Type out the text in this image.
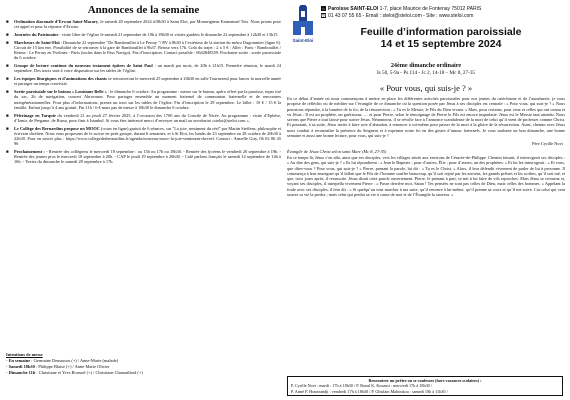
Annonces de la semaine
■ Ordination diaconale d’Erwan Saint-Macary, le samedi 28 septembre 2024 à18h30 à Saint Eloi, par Monseigneur Emmanuel Tois. Nous prions pour cet appel et pour la réponse d’Erwan.
■ Journées du Patrimoine : visite libre de l’église le samedi 21 septembre de 10h à 18h30 et visites guidées le dimanche 22 septembre à 12h30 et 13h15.
■ Marcheurs de Saint-Eloi : Dimanche 22 septembre "De Rambouillet à Le Perray "/ RV à 8h30 à l’extérieur de la station du métro Dugommier (ligne 6). Circuit de 15 km env. Possibilité de se retrouver à la gare de Rambouillet à 9h37. Retour vers 17h. Coût du trajet : 2 x 5 € : Aller : Paris - Rambouillet / Retour : Le Perray en Yvelines - Paris (inclus dans le Pass Navigo). Pas d’inscription. Contact possible : 0642848359. Prochaine sortie : sortie paroissiale du 6 octobre.
■ Groupe de lecture continue du nouveau testament épitres de Saint Paul : un mardi par mois, de 20h à 21h15. Première réunion, le mardi 24 septembre. Des tracts sont à votre disposition sur les tables de l’église.
■ Les équipes liturgiques et d’animations des chants se retrouveront le mercredi 25 septembre à 20h30 en salle Tourneseul pour lancer la nouvelle année et partager un temps convivial.
■ Sortie paroissiale sur le bateau « Louisiane Belle » : le dimanche 6 octobre. Au programme : messe sur le bateau, apéro offert par la paroisse, repas tiré du sac, 2h de navigation, concert Abravanas. Pour partager ensemble un moment fraternel de communion fraternelle et de rencontres intergénérationnelles. Pour plus d’informations, prenez un tract sur les tables de l’église. Fin d’inscription le 29 septembre. Le billet : 10 € / 15 € la famille. Enfant jusqu’à 4 ans gratuit. Fin 11h / 6 € mars pas de messe à 10h30 le dimanche 6 octobre.
■ Pèlerinage en Turquie du vendredi 21 au jeudi 27 février 2025, à l’occasion des 1700 ans du Concile de Nicée. Au programme : visite d’Ephèse, d’Izmir, de Pergame, de Bursa, pour finir à Istanbul. Si vous êtes intéressé merci d’envoyer un mail au secrétariat »steloi@steloi.com ».
■ Le Collège des Bernardins propose un MOOC (cours en ligne) gratuit de 6 séances, sur "La joie, sentiment du réel" par Martin Steffens, philosophe et écrivain chrétien. Nous vous proposons de le suivre en petit groupe, durant 6 semaines, et à St Eloi, les lundis du 23 septembre au 28 octobre de 20h30 à 22h30. Pour en savoir plus : https://www.collegedesbernardins.fr/agenda/nouveau-mooc-la-joie-sentiment-du-reel. Contact : Armelle Giry, 06 02 86 45 96
■ Prochainement : - Rentrée des collégiens le mercredi 18 septembre : ou 15h ou 17h ou 18h30. - Rentrée des lycéens le vendredi 20 septembre à 19h. - Rentrée des jeunes pros le mercredi 18 septembre à 20h. - CAP le jeudi 19 septembre à 20h30. - Café parlons français le samedi 14 septembre de 14h à 16h. - Textes du dimanche le samedi 28 septembre à 17h.
Intentions de messe
- En semaine : Germaine Demassou (+) / Anne-Marie (malade)
- Samedi 18h30 : Philippe Blaise (+) / Anne-Marie Olivier
- Dimanche 11h : Christiane et Yves Roussel (+) / Christiane Chamaillard (+)
Saint-Eloi
⌂ Paroisse SAINT-ELOI 1-7, place Maurice de Fontenay 75012 PARIS
☎ 01 43 07 55 65 - Email : steloi@steloi.com - Site : www.steloi.com
Feuille d’information paroissiale
14 et 15 septembre 2024
24ème dimanche ordinaire
Is 50, 5-9a - Ps 114 - Jc 2, 14-18 – Mc 8, 27-35
« Pour vous, qui suis-je ? »

En ce début d’année où nous commençons à mettre en place les différentes activités paroissiales pour nos jeunes du catéchisme et de l’aumônerie, je vous propose de réfléchir ou de méditer sur l’évangile de ce dimanche où la question posée par Jésus à ses disciples est centrale : « Pour vous, qui suis-je ? » Nous pourrions répondre, à la lumière de la foi, de la résurrection : « Tu es le Messie, le Fils du Dieu vivant. » Mais, pour certains, pour ceux et celles qui ont connu et vu Jésus : Il est un prophète, un guérisseur, … et pour Pierre, selon le témoignage de Pierre le Fils est encore imparfaite. Jésus est le Messie tant attendu. Nous savons que Pierre a tout laissé pour suivre Jésus. Néanmoins, il se révolte face à l’annonce scandaleuse de la mort de celui qu’il vient de professer comme Christ. Et pourtant, à sa suite, Jésus invite à faire acte d’abandon, à renoncer à soi-même pour passer de la mort à la gloire de la résurrection. Ainsi, chemin avec Jésus nous conduit à reconnaître la présence du Seigneur et à exprimer notre foi en des gestes d’amour fraternels. Je vous souhaite un bon dimanche, une bonne semaine et aussi une bonne lecture, pour vous, qui suis-je ?

Père Cyrille Novi
Évangile de Jésus Christ selon saint Marc (Mc 8, 27-35)

En ce temps-là, Jésus s’en alla, ainsi que ses disciples, vers les villages situés aux environs de Césarée-de-Philippe. Chemin faisant, il interrogeait ses disciples : « Au dire des gens, qui suis-je ? » Ils lui répondirent : « Jean le Baptiste ; pour d’autres, Élie ; pour d’autres, un des prophètes. » Et lui les interrogeait : « Et vous, que dites-vous ? Pour vous, qui suis-je ? » Pierre, prenant la parole, lui dit : « Tu es le Christ. » Alors, il leur défendit vivement de parler de lui à personne. Il commença à leur enseigner qu’il fallait que le Fils de l’homme souffre beaucoup, qu’il soit rejeté par les anciens, les grands prêtres et les scribes, qu’il soit tué, et que, trois jours après, il ressuscite. Jésus disait cette parole ouvertement. Pierre, le prenant à part, se mit à lui faire de vifs reproches. Mais Jésus se retourna et, voyant ses disciples, il interpella vivement Pierre : « Passe derrière moi, Satan ! Tes pensées ne sont pas celles de Dieu, mais celles des hommes. » Appelant la foule avec ses disciples, il leur dit : « Si quelqu’un veut marcher à ma suite, qu’il renonce à lui-même, qu’il prenne sa croix et qu’il me suive. Car celui qui veut sauver sa vie la perdra ; mais celui qui perdra sa vie à cause de moi et de l’Évangile la sauvera. »

Rencontrer un prêtre ou se confesser (hors vacances scolaires) :
P. Cyrille Novi : mardi : 17h à 18h30 / P. Raoul K. Kouassi : mercredi 17h à 18h30 /
P. Aimé F. Houezandji : vendredi 17h à 18h30 / P. Ghislain Mahoukou : samedi 10h à 11h30 /
